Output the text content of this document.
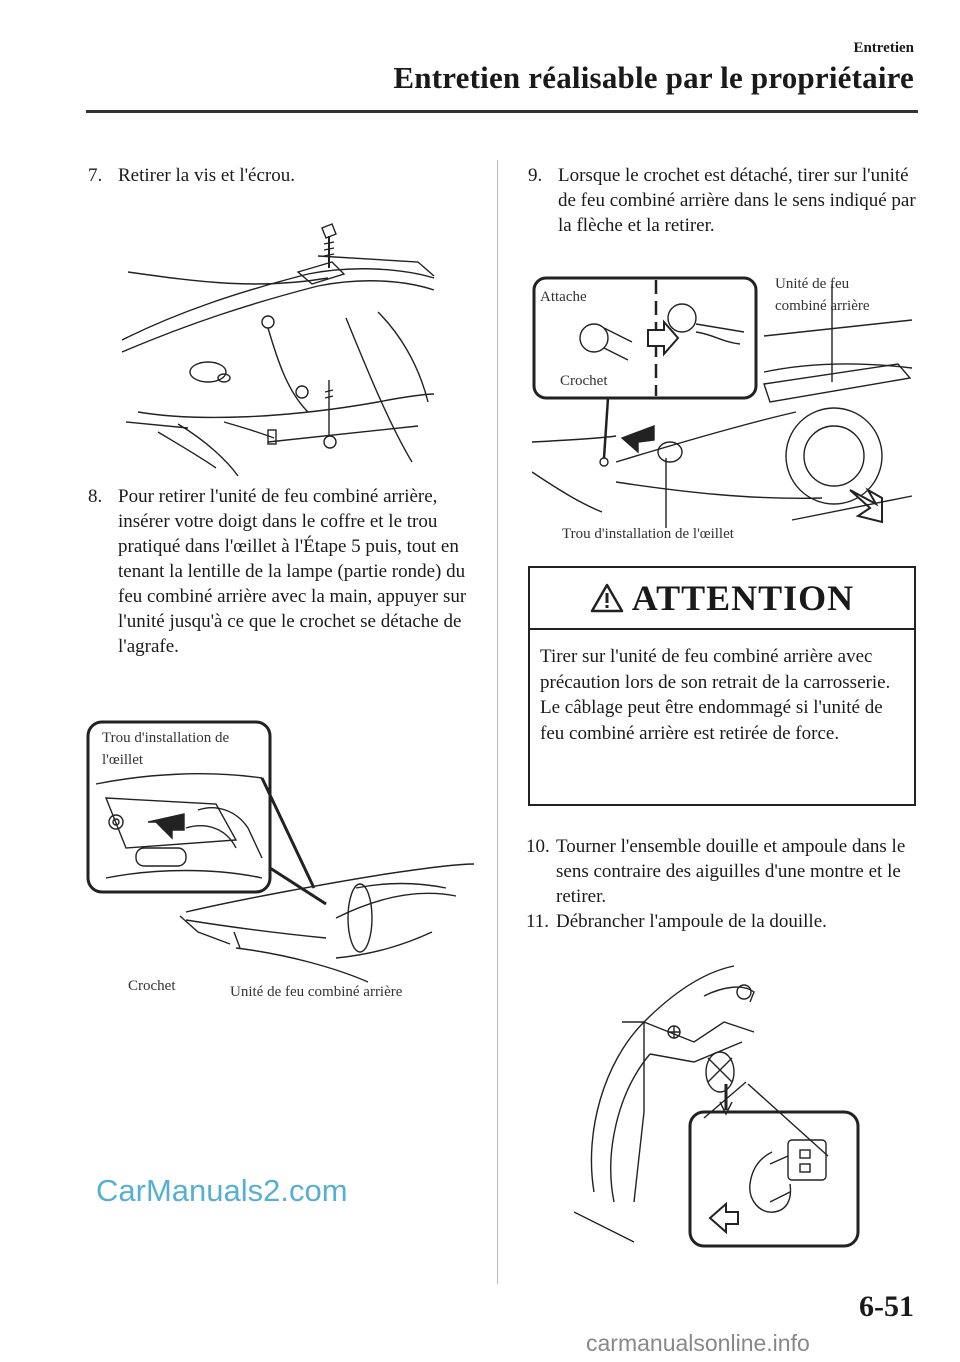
Entretien
Entretien réalisable par le propriétaire
7. Retirer la vis et l'écrou.
8. Pour retirer l'unité de feu combiné arrière, insérer votre doigt dans le coffre et le trou pratiqué dans l'œillet à l'Étape 5 puis, tout en tenant la lentille de la lampe (partie ronde) du feu combiné arrière avec la main, appuyer sur l'unité jusqu'à ce que le crochet se détache de l'agrafe.
Trou d'installation de
l'œillet
Crochet	Unité de feu combiné arrière
9. Lorsque le crochet est détaché, tirer sur l'unité de feu combiné arrière dans le sens indiqué par la flèche et la retirer.
Attache
Crochet
Unité de feu
combiné arrière
Trou d'installation de l'œillet
ATTENTION
Tirer sur l'unité de feu combiné arrière avec précaution lors de son retrait de la carrosserie.
Le câblage peut être endommagé si l'unité de feu combiné arrière est retirée de force.
10. Tourner l'ensemble douille et ampoule dans le sens contraire des aiguilles d'une montre et le retirer.
11. Débrancher l'ampoule de la douille.
6-51
CarManuals2.com
carmanualsonline.info
